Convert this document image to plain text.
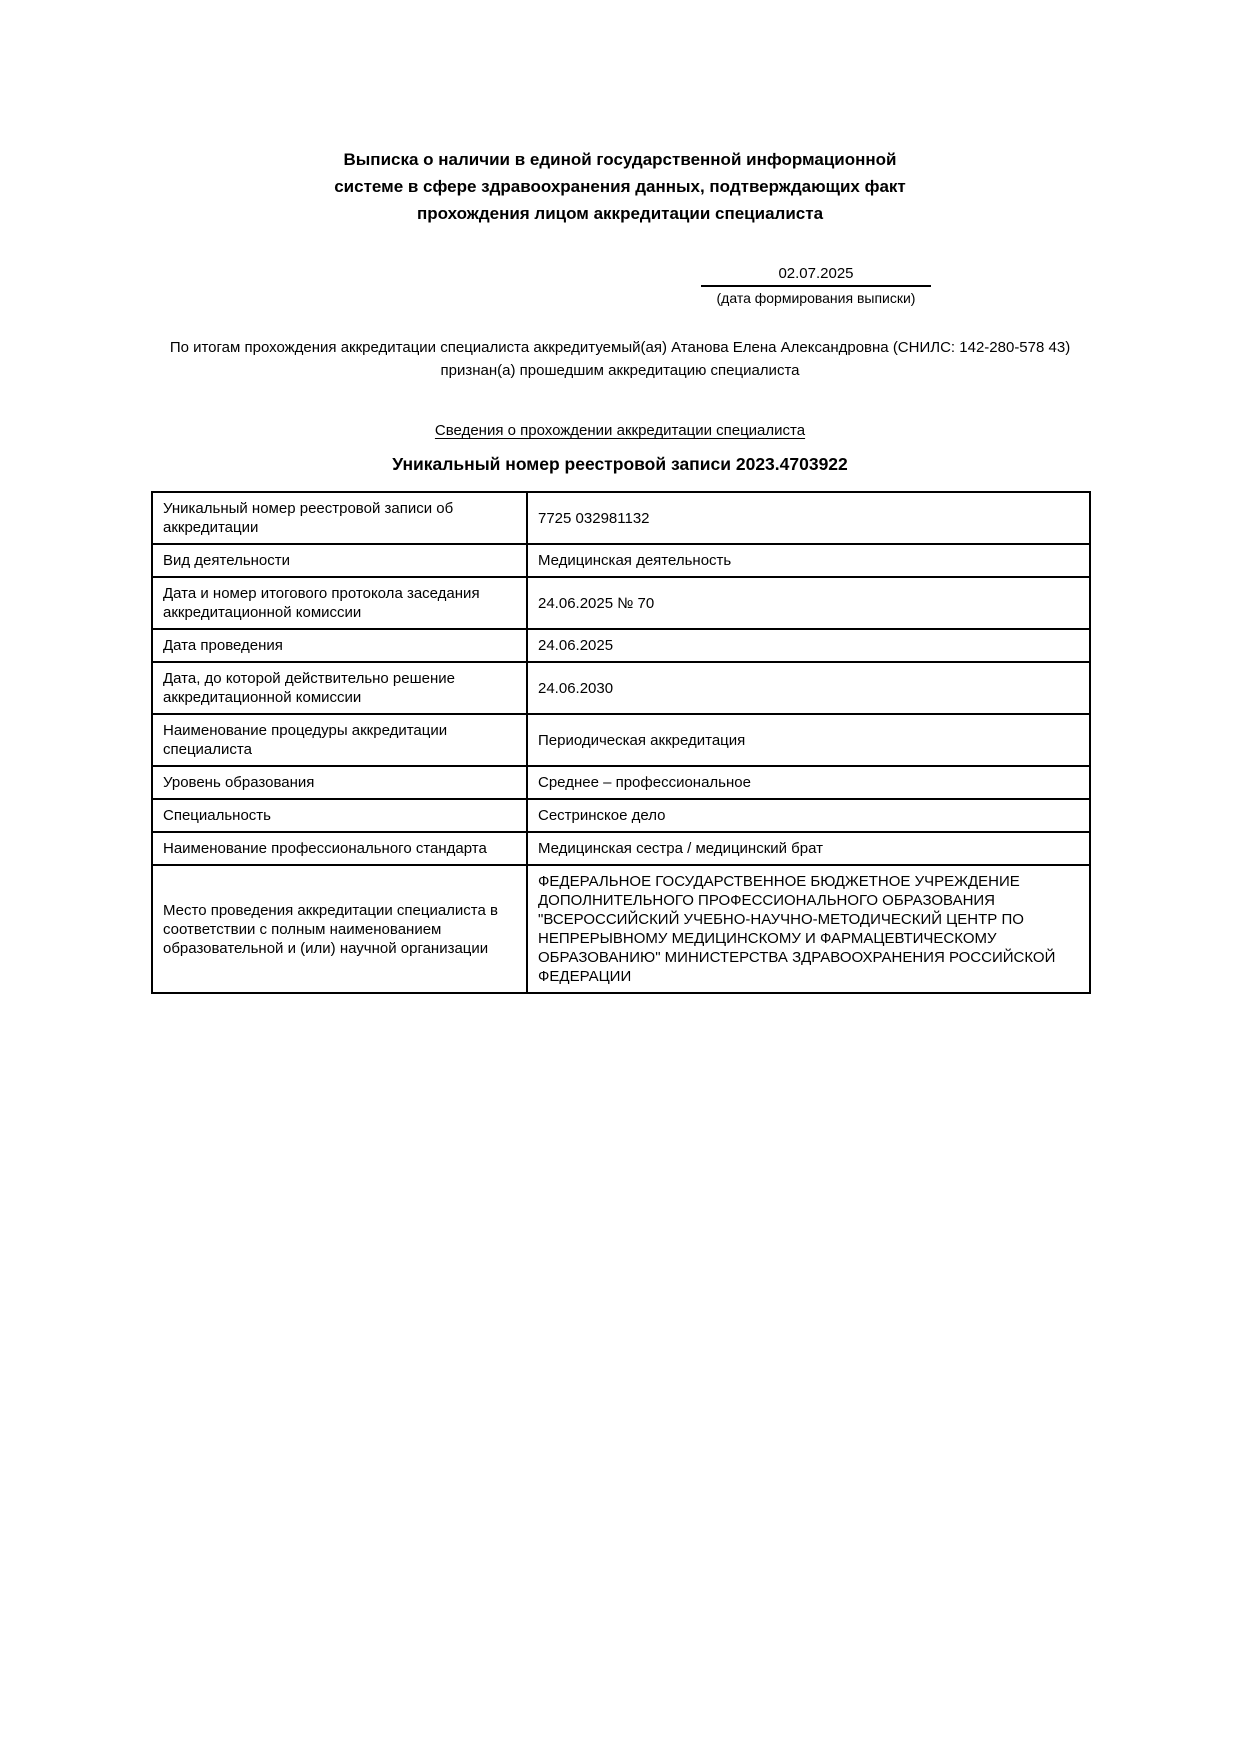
Выписка о наличии в единой государственной информационной
системе в сфере здравоохранения данных, подтверждающих факт
прохождения лицом аккредитации специалиста
02.07.2025
(дата формирования выписки)

По итогам прохождения аккредитации специалиста аккредитуемый(ая) Атанова Елена Александровна (СНИЛС: 142-280-578 43) признан(а) прошедшим аккредитацию специалиста

Сведения о прохождении аккредитации специалиста
Уникальный номер реестровой записи 2023.4703922
Уникальный номер реестровой записи об аккредитации	7725 032981132
Вид деятельности	Медицинская деятельность
Дата и номер итогового протокола заседания аккредитационной комиссии	24.06.2025 № 70
Дата проведения	24.06.2025
Дата, до которой действительно решение аккредитационной комиссии	24.06.2030
Наименование процедуры аккредитации специалиста	Периодическая аккредитация
Уровень образования	Среднее – профессиональное
Специальность	Сестринское дело
Наименование профессионального стандарта	Медицинская сестра / медицинский брат
Место проведения аккредитации специалиста в соответствии с полным наименованием образовательной и (или) научной организации	ФЕДЕРАЛЬНОЕ ГОСУДАРСТВЕННОЕ БЮДЖЕТНОЕ УЧРЕЖДЕНИЕ ДОПОЛНИТЕЛЬНОГО ПРОФЕССИОНАЛЬНОГО ОБРАЗОВАНИЯ "ВСЕРОССИЙСКИЙ УЧЕБНО-НАУЧНО-МЕТОДИЧЕСКИЙ ЦЕНТР ПО НЕПРЕРЫВНОМУ МЕДИЦИНСКОМУ И ФАРМАЦЕВТИЧЕСКОМУ ОБРАЗОВАНИЮ" МИНИСТЕРСТВА ЗДРАВООХРАНЕНИЯ РОССИЙСКОЙ ФЕДЕРАЦИИ
